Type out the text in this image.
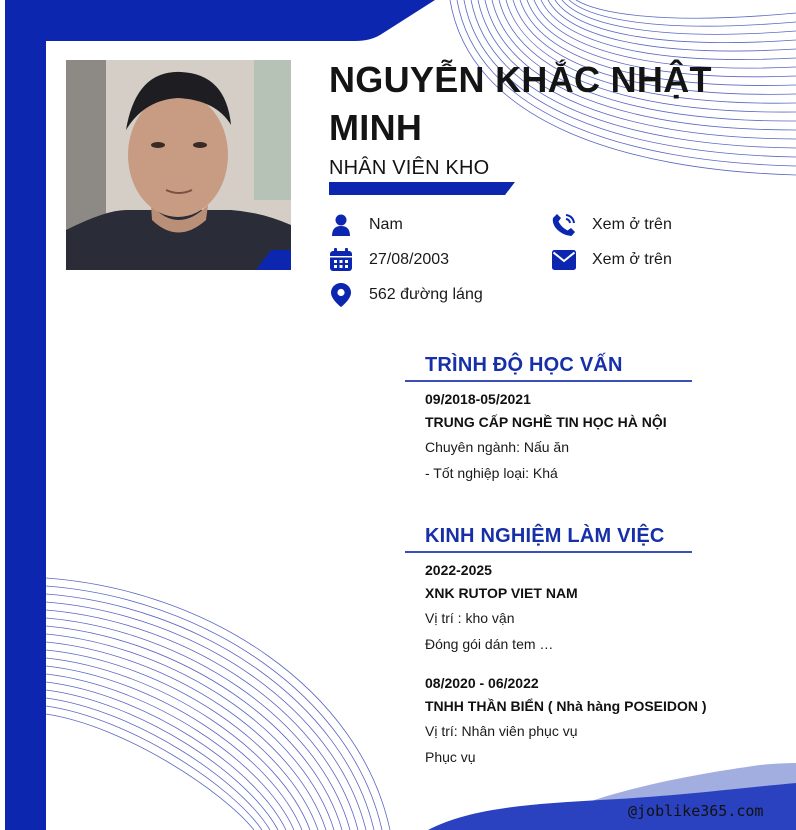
NGUYỄN KHẮC NHẬT MINH
NHÂN VIÊN KHO
Nam
27/08/2003
562 đường láng
Xem ở trên
Xem ở trên
TRÌNH ĐỘ HỌC VẤN
09/2018-05/2021
TRUNG CẤP NGHỀ TIN HỌC HÀ NỘI
Chuyên ngành: Nấu ăn
- Tốt nghiệp loại: Khá
KINH NGHIỆM LÀM VIỆC
2022-2025
XNK RUTOP VIET NAM
Vị trí : kho vận
Đóng gói dán tem …
08/2020 - 06/2022
TNHH THẦN BIỂN ( Nhà hàng POSEIDON )
Vị trí: Nhân viên phục vụ
Phục vụ
@joblike365.com
